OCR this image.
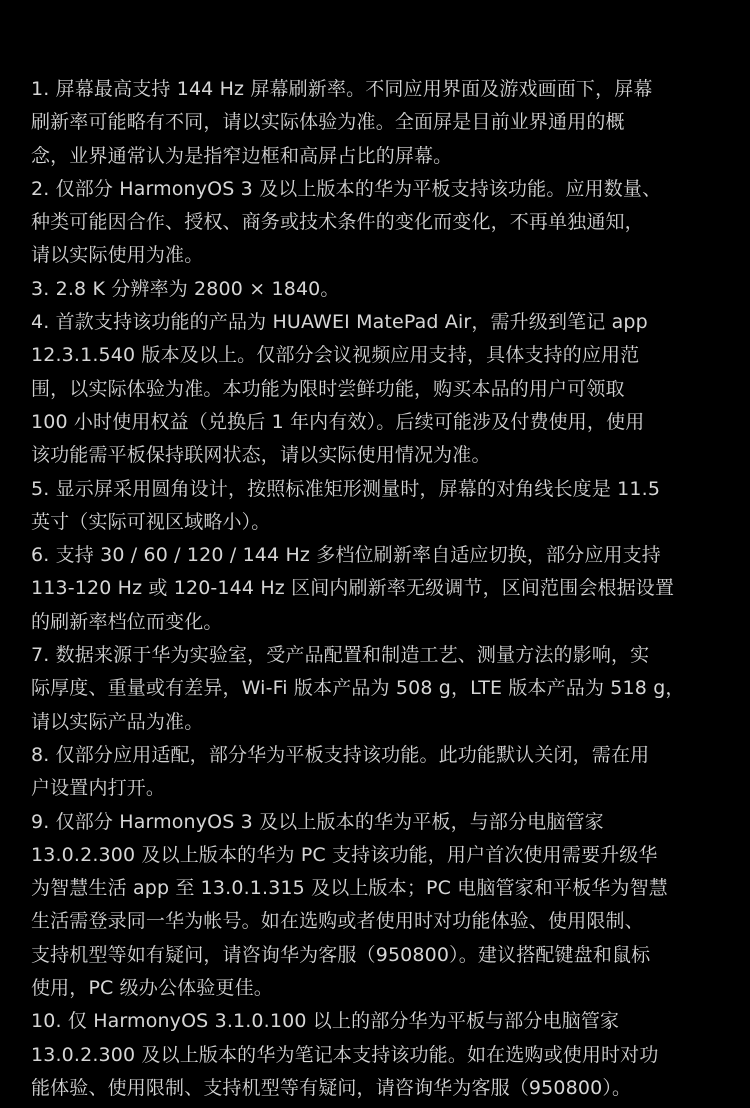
1. 屏幕最高支持 144 Hz 屏幕刷新率。不同应用界面及游戏画面下，屏幕
刷新率可能略有不同，请以实际体验为准。全面屏是目前业界通用的概
念，业界通常认为是指窄边框和高屏占比的屏幕。
2. 仅部分 HarmonyOS 3 及以上版本的华为平板支持该功能。应用数量、
种类可能因合作、授权、商务或技术条件的变化而变化，不再单独通知，
请以实际使用为准。
3. 2.8 K 分辨率为 2800 × 1840。
4. 首款支持该功能的产品为 HUAWEI MatePad Air，需升级到笔记 app
12.3.1.540 版本及以上。仅部分会议视频应用支持，具体支持的应用范
围，以实际体验为准。本功能为限时尝鲜功能，购买本品的用户可领取
100 小时使用权益（兑换后 1 年内有效）。后续可能涉及付费使用，使用
该功能需平板保持联网状态，请以实际使用情况为准。
5. 显示屏采用圆角设计，按照标准矩形测量时，屏幕的对角线长度是 11.5
英寸（实际可视区域略小）。
6. 支持 30 / 60 / 120 / 144 Hz 多档位刷新率自适应切换，部分应用支持
113-120 Hz 或 120-144 Hz 区间内刷新率无级调节，区间范围会根据设置
的刷新率档位而变化。
7. 数据来源于华为实验室，受产品配置和制造工艺、测量方法的影响，实
际厚度、重量或有差异，Wi-Fi 版本产品为 508 g，LTE 版本产品为 518 g，
请以实际产品为准。
8. 仅部分应用适配，部分华为平板支持该功能。此功能默认关闭，需在用
户设置内打开。
9. 仅部分 HarmonyOS 3 及以上版本的华为平板，与部分电脑管家
13.0.2.300 及以上版本的华为 PC 支持该功能，用户首次使用需要升级华
为智慧生活 app 至 13.0.1.315 及以上版本；PC 电脑管家和平板华为智慧
生活需登录同一华为帐号。如在选购或者使用时对功能体验、使用限制、
支持机型等如有疑问，请咨询华为客服（950800）。建议搭配键盘和鼠标
使用，PC 级办公体验更佳。
10. 仅 HarmonyOS 3.1.0.100 以上的部分华为平板与部分电脑管家
13.0.2.300 及以上版本的华为笔记本支持该功能。如在选购或使用时对功
能体验、使用限制、支持机型等有疑问，请咨询华为客服（950800）。
